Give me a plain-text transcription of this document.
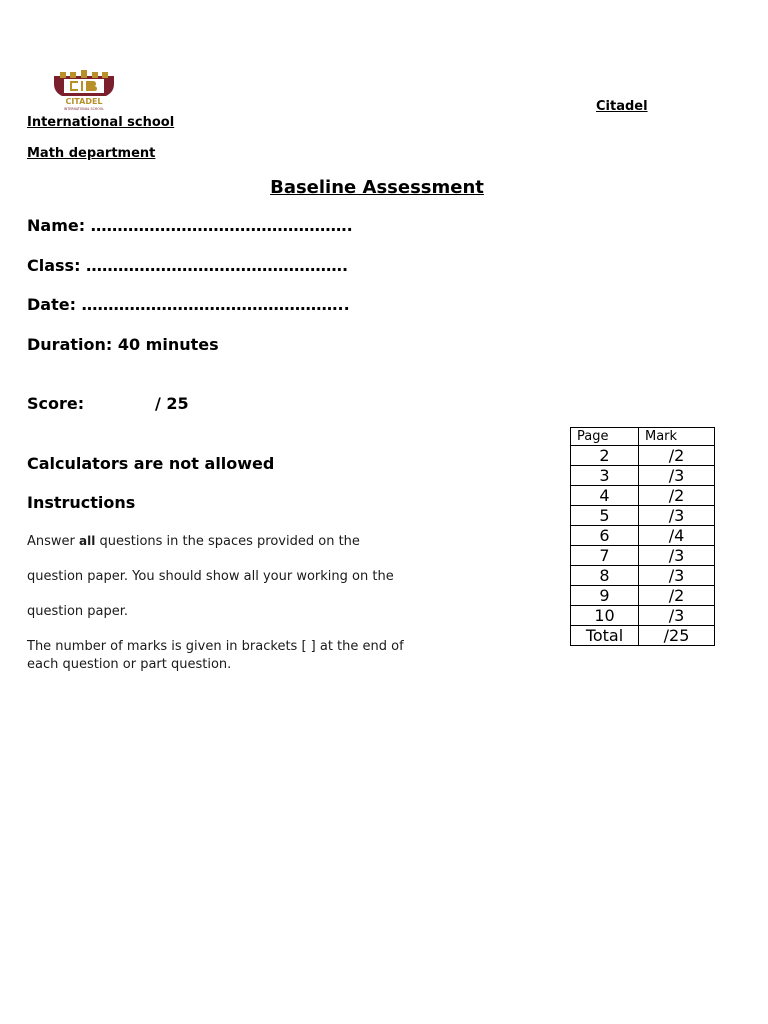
CITADEL
INTERNATIONAL SCHOOL	Citadel
International school
Math department
Baseline Assessment
Name: ………………………………………….
Class: ………………………………………….
Date: …………………………………………..
Duration: 40 minutes
Score:	/ 25
Calculators are not allowed
Instructions
Answer all questions in the spaces provided on the
question paper. You should show all your working on the
question paper.
The number of marks is given in brackets [ ] at the end of
each question or part question.
Page	Mark
2	/2
3	/3
4	/2
5	/3
6	/4
7	/3
8	/3
9	/2
10	/3
Total	/25
